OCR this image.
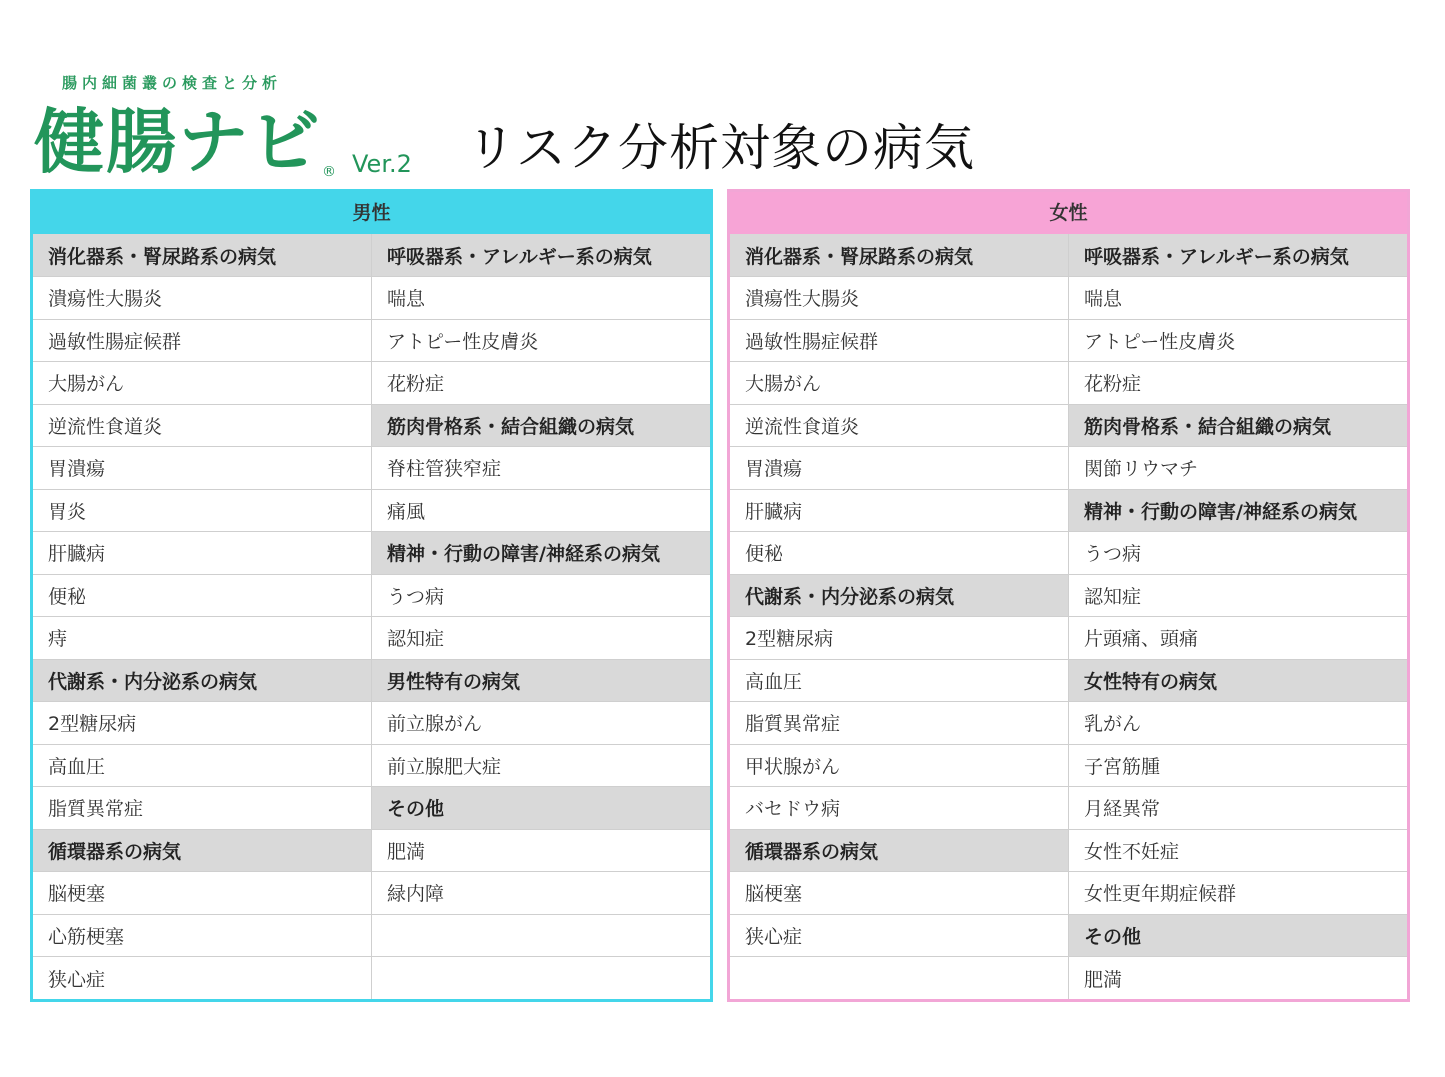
腸内細菌叢の検査と分析
健腸ナビ ® Ver.2 リスク分析対象の病気
男性
消化器系・腎尿路系の病気	呼吸器系・アレルギー系の病気
潰瘍性大腸炎	喘息
過敏性腸症候群	アトピー性皮膚炎
大腸がん	花粉症
逆流性食道炎	筋肉骨格系・結合組織の病気
胃潰瘍	脊柱管狭窄症
胃炎	痛風
肝臓病	精神・行動の障害/神経系の病気
便秘	うつ病
痔	認知症
代謝系・内分泌系の病気	男性特有の病気
2型糖尿病	前立腺がん
高血圧	前立腺肥大症
脂質異常症	その他
循環器系の病気	肥満
脳梗塞	緑内障
心筋梗塞	
狭心症	
女性
消化器系・腎尿路系の病気	呼吸器系・アレルギー系の病気
潰瘍性大腸炎	喘息
過敏性腸症候群	アトピー性皮膚炎
大腸がん	花粉症
逆流性食道炎	筋肉骨格系・結合組織の病気
胃潰瘍	関節リウマチ
肝臓病	精神・行動の障害/神経系の病気
便秘	うつ病
代謝系・内分泌系の病気	認知症
2型糖尿病	片頭痛、頭痛
高血圧	女性特有の病気
脂質異常症	乳がん
甲状腺がん	子宮筋腫
バセドウ病	月経異常
循環器系の病気	女性不妊症
脳梗塞	女性更年期症候群
狭心症	その他
	肥満
